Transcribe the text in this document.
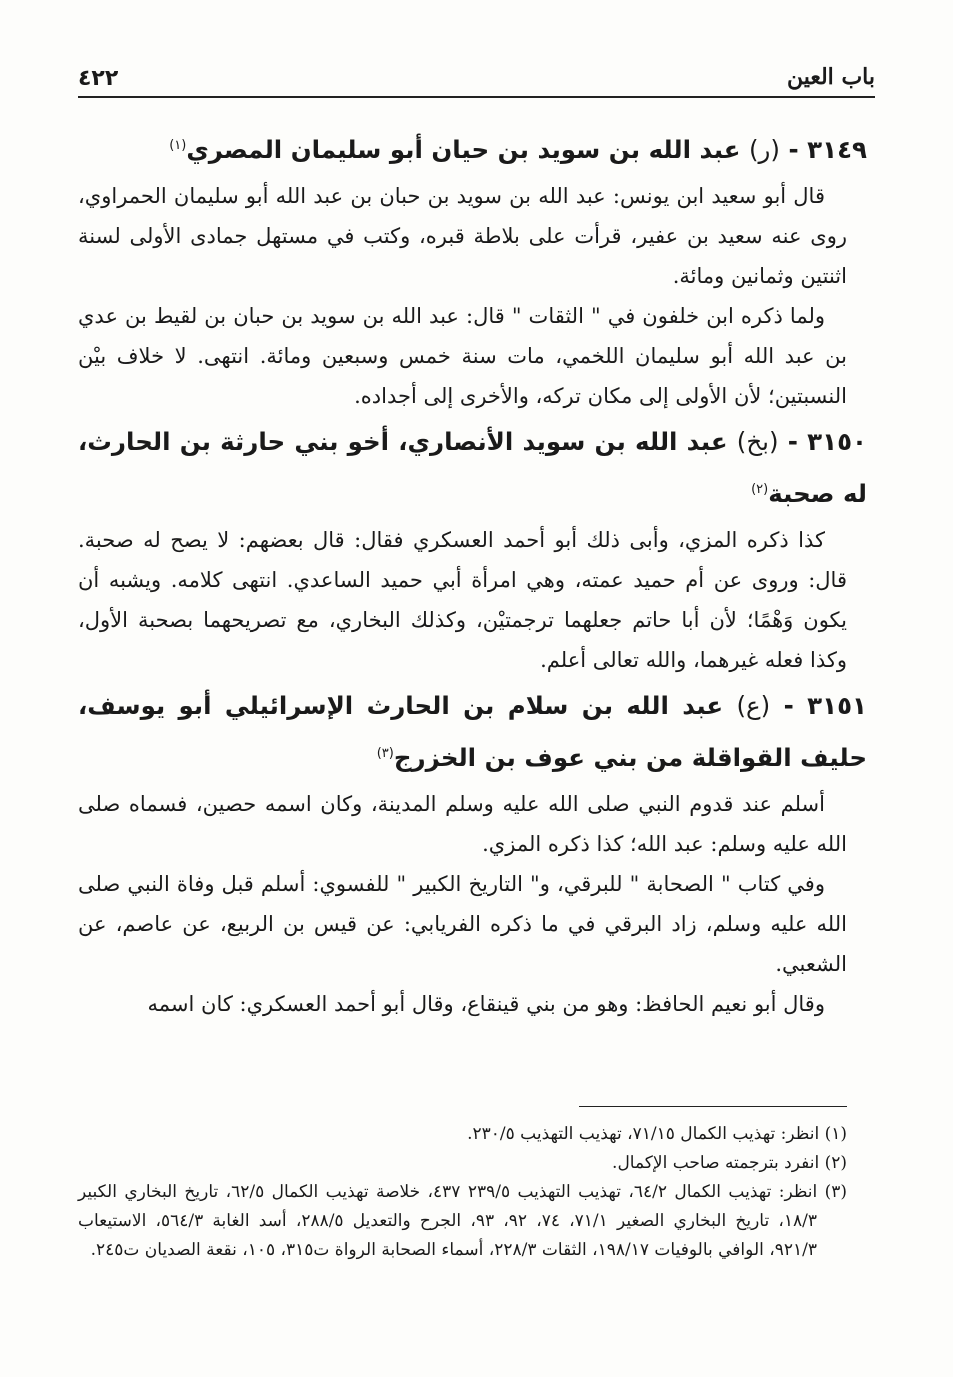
باب العين
٤٢٢
٣١٤٩ - (ر) عبد الله بن سويد بن حيان أبو سليمان المصري$^{(١)}$

قال أبو سعيد ابن يونس: عبد الله بن سويد بن حبان بن عبد الله أبو سليمان الحمراوي، روى عنه سعيد بن عفير، قرأت على بلاطة قبره، وكتب في مستهل جمادى الأولى لسنة اثنتين وثمانين ومائة.

ولما ذكره ابن خلفون في " الثقات " قال: عبد الله بن سويد بن حبان بن لقيط بن عدي بن عبد الله أبو سليمان اللخمي، مات سنة خمس وسبعين ومائة. انتهى. لا خلاف بيْن النسبتين؛ لأن الأولى إلى مكان تركه، والأخرى إلى أجداده.

٣١٥٠ - (بخ) عبد الله بن سويد الأنصاري، أخو بني حارثة بن الحارث، له صحبة$^{(٢)}$

كذا ذكره المزي، وأبى ذلك أبو أحمد العسكري فقال: قال بعضهم: لا يصح له صحبة. قال: وروى عن أم حميد عمته، وهي امرأة أبي حميد الساعدي. انتهى كلامه. ويشبه أن يكون وَهْمًا؛ لأن أبا حاتم جعلهما ترجمتيْن، وكذلك البخاري، مع تصريحهما بصحبة الأول، وكذا فعله غيرهما، والله تعالى أعلم.

٣١٥١ - (ع) عبد الله بن سلام بن الحارث الإسرائيلي أبو يوسف، حليف القواقلة من بني عوف بن الخزرج$^{(٣)}$

أسلم عند قدوم النبي صلى الله عليه وسلم المدينة، وكان اسمه حصين، فسماه صلى الله عليه وسلم: عبد الله؛ كذا ذكره المزي.

وفي كتاب " الصحابة " للبرقي، و" التاريخ الكبير " للفسوي: أسلم قبل وفاة النبي صلى الله عليه وسلم، زاد البرقي في ما ذكره الفريابي: عن قيس بن الربيع، عن عاصم، عن الشعبي.

وقال أبو نعيم الحافظ: وهو من بني قينقاع، وقال أبو أحمد العسكري: كان اسمه

(١) انظر: تهذيب الكمال ٧١/١٥، تهذيب التهذيب ٢٣٠/٥.

(٢) انفرد بترجمته صاحب الإكمال.

(٣) انظر: تهذيب الكمال ٦٤/٢، تهذيب التهذيب ٢٣٩/٥ ٤٣٧، خلاصة تهذيب الكمال ٦٢/٥، تاريخ البخاري الكبير ١٨/٣، تاريخ البخاري الصغير ٧١/١، ٧٤، ٩٢، ٩٣، الجرح والتعديل ٢٨٨/٥، أسد الغابة ٥٦٤/٣، الاستيعاب ٩٢١/٣، الوافي بالوفيات ١٩٨/١٧، الثقات ٢٢٨/٣، أسماء الصحابة الرواة ت٣١٥، ١٠٥، نقعة الصديان ت٢٤٥.
